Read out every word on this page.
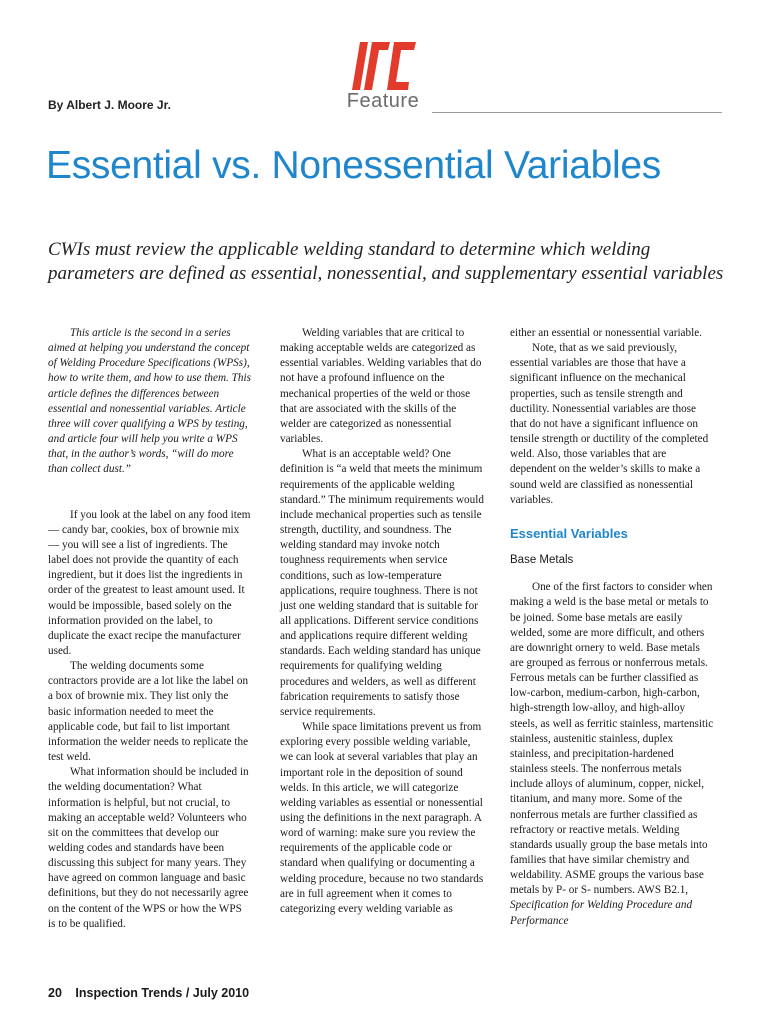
Feature
By Albert J. Moore Jr.
Essential vs. Nonessential Variables

CWIs must review the applicable welding standard to determine which welding parameters are defined as essential, nonessential, and supplementary essential variables

This article is the second in a series aimed at helping you understand the concept of Welding Procedure Specifications (WPSs), how to write them, and how to use them. This article defines the differences between essential and nonessential variables. Article three will cover qualifying a WPS by testing, and article four will help you write a WPS that, in the author’s words, “will do more than collect dust.”

If you look at the label on any food item — candy bar, cookies, box of brownie mix — you will see a list of ingredients. The label does not provide the quantity of each ingredient, but it does list the ingredients in order of the greatest to least amount used. It would be impossible, based solely on the information provided on the label, to duplicate the exact recipe the manufacturer used.

The welding documents some contractors provide are a lot like the label on a box of brownie mix. They list only the basic information needed to meet the applicable code, but fail to list important information the welder needs to replicate the test weld.

What information should be included in the welding documentation? What information is helpful, but not crucial, to making an acceptable weld? Volunteers who sit on the committees that develop our welding codes and standards have been discussing this subject for many years. They have agreed on common language and basic definitions, but they do not necessarily agree on the content of the WPS or how the WPS is to be qualified.

Welding variables that are critical to making acceptable welds are categorized as essential variables. Welding variables that do not have a profound influence on the mechanical properties of the weld or those that are associated with the skills of the welder are categorized as nonessential variables.

What is an acceptable weld? One definition is “a weld that meets the minimum requirements of the applicable welding standard.” The minimum requirements would include mechanical properties such as tensile strength, ductility, and soundness. The welding standard may invoke notch toughness requirements when service conditions, such as low-temperature applications, require toughness. There is not just one welding standard that is suitable for all applications. Different service conditions and applications require different welding standards. Each welding standard has unique requirements for qualifying welding procedures and welders, as well as different fabrication requirements to satisfy those service requirements.

While space limitations prevent us from exploring every possible welding variable, we can look at several variables that play an important role in the deposition of sound welds. In this article, we will categorize welding variables as essential or nonessential using the definitions in the next paragraph. A word of warning: make sure you review the requirements of the applicable code or standard when qualifying or documenting a welding procedure, because no two standards are in full agreement when it comes to categorizing every welding variable as

either an essential or nonessential variable.

Note, that as we said previously, essential variables are those that have a significant influence on the mechanical properties, such as tensile strength and ductility. Nonessential variables are those that do not have a significant influence on tensile strength or ductility of the completed weld. Also, those variables that are dependent on the welder’s skills to make a sound weld are classified as nonessential variables.

Essential Variables
Base Metals

One of the first factors to consider when making a weld is the base metal or metals to be joined. Some base metals are easily welded, some are more difficult, and others are downright ornery to weld. Base metals are grouped as ferrous or nonferrous metals. Ferrous metals can be further classified as low-carbon, medium-carbon, high-carbon, high-strength low-alloy, and high-alloy steels, as well as ferritic stainless, martensitic stainless, austenitic stainless, duplex stainless, and precipitation-hardened stainless steels. The nonferrous metals include alloys of aluminum, copper, nickel, titanium, and many more. Some of the nonferrous metals are further classified as refractory or reactive metals. Welding standards usually group the base metals into families that have similar chemistry and weldability. ASME groups the various base metals by P- or S- numbers. AWS B2.1, Specification for Welding Procedure and Performance

20 Inspection Trends / July 2010
